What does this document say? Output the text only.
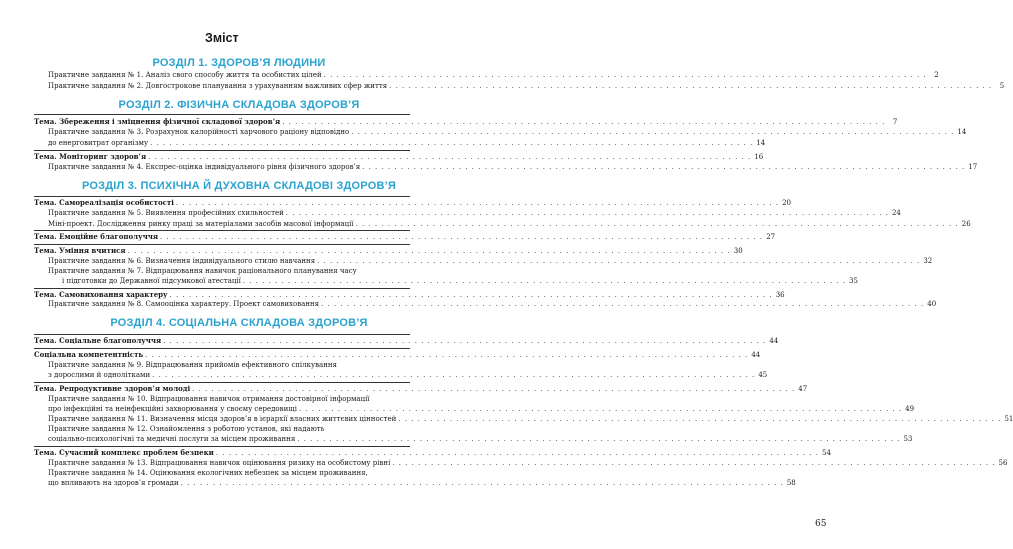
Зміст
РОЗДІЛ 1. ЗДОРОВ’Я ЛЮДИНИ
Практичне завдання № 1. Аналіз свого способу життя та особистих цілей . . .	2
Практичне завдання № 2. Довгострокове планування з урахуванням важливих сфер життя . . .	5
РОЗДІЛ 2. ФІЗИЧНА СКЛАДОВА ЗДОРОВ’Я
Тема. Збереження і зміцнення фізичної складової здоров’я . . .	7
Практичне завдання № 3. Розрахунок калорійності харчового раціону відповідно . . .	14
до енерговитрат організму . . .	14
Тема. Моніторинг здоров’я . . .	16
Практичне завдання № 4. Експрес-оцінка індивідуального рівня фізичного здоров’я . . .	17
РОЗДІЛ 3. ПСИХІЧНА Й ДУХОВНА СКЛАДОВІ ЗДОРОВ’Я
Тема. Самореалізація особистості . . .	20
Практичне завдання № 5. Виявлення професійних схильностей . . .	24
Міні-проект. Дослідження ринку праці за матеріалами засобів масової інформації . . .	26
Тема. Емоційне благополуччя . . .	27
Тема. Уміння вчитися . . .	30
Практичне завдання № 6. Визначення індивідуального стилю навчання . . .	32
Практичне завдання № 7. Відпрацювання навичок раціонального планування часу
і підготовки до Державної підсумкової атестації . . .	35
Тема. Самовиховання характеру . . .	36
Практичне завдання № 8. Самооцінка характеру. Проект самовиховання . . .	40
РОЗДІЛ 4. СОЦІАЛЬНА СКЛАДОВА ЗДОРОВ’Я
Тема. Соціальне благополуччя . . .	44
Соціальна компетентність . . .	44
Практичне завдання № 9. Відпрацювання прийомів ефективного спілкування
з дорослими й однолітками . . .	45
Тема. Репродуктивне здоров’я молоді . . .	47
Практичне завдання № 10. Відпрацювання навичок отримання достовірної інформації
про інфекційні та неінфекційні захворювання у своєму середовищі . . .	49
Практичне завдання № 11. Визначення місця здоров’я в ієрархії власних життєвих цінностей . . .	51
Практичне завдання № 12. Ознайомлення з роботою установ, які надають
соціально-психологічні та медичні послуги за місцем проживання . . .	53
Тема. Сучасний комплекс проблем безпеки . . .	54
Практичне завдання № 13. Відпрацювання навичок оцінювання ризику на особистому рівні . . .	56
Практичне завдання № 14. Оцінювання екологічних небезпек за місцем проживання,
що впливають на здоров’я громади . . .	58
65
